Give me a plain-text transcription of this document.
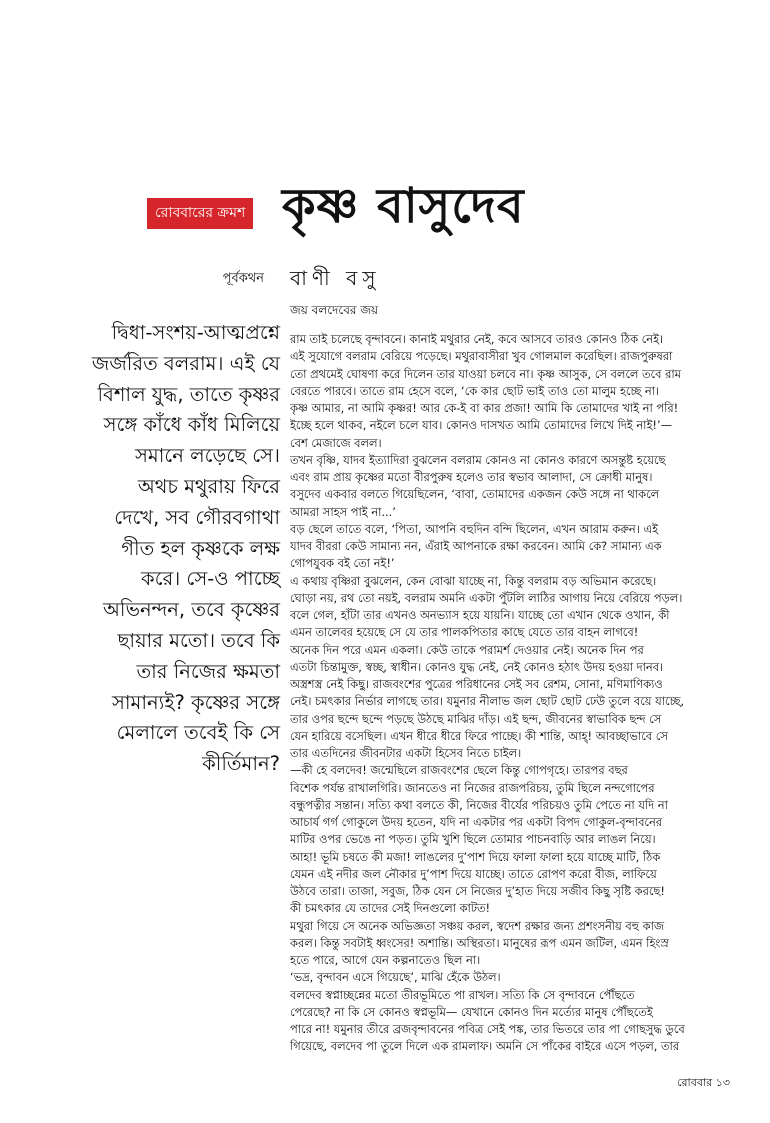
রোববারের ক্রমশ কৃষ্ণ বাসুদেব
পূর্বকথন বাণী বসু
জয় বলদেবের জয়
দ্বিধা-সংশয়-আত্মপ্রশ্নে
জর্জরিত বলরাম। এই যে
বিশাল যুদ্ধ, তাতে কৃষ্ণর
সঙ্গে কাঁধে কাঁধ মিলিয়ে
সমানে লড়েছে সে।
অথচ মথুরায় ফিরে
দেখে, সব গৌরবগাথা
গীত হল কৃষ্ণকে লক্ষ
করে। সে-ও পাচ্ছে
অভিনন্দন, তবে কৃষ্ণের
ছায়ার মতো। তবে কি
তার নিজের ক্ষমতা
সামান্যই? কৃষ্ণের সঙ্গে
মেলালে তবেই কি সে
কীর্তিমান?
রাম তাই চলেছে বৃন্দাবনে। কানাই মথুরার নেই, কবে আসবে তারও কোনও ঠিক নেই।
এই সুযোগে বলরাম বেরিয়ে পড়েছে। মথুরাবাসীরা খুব গোলমাল করেছিল। রাজপুরুষরা
তো প্রথমেই ঘোষণা করে দিলেন তার যাওয়া চলবে না। কৃষ্ণ আসুক, সে বললে তবে রাম
বেরতে পারবে। তাতে রাম হেসে বলে, ‘কে কার ছোট ভাই তাও তো মালুম হচ্ছে না।
কৃষ্ণ আমার, না আমি কৃষ্ণর! আর কে-ই বা কার প্রজা! আমি কি তোমাদের খাই না পরি!
ইচ্ছে হলে থাকব, নইলে চলে যাব। কোনও দাসখত আমি তোমাদের লিখে দিই নাই!’—
বেশ মেজাজে বলল।
তখন বৃষ্ণি, যাদব ইত্যাদিরা বুঝলেন বলরাম কোনও না কোনও কারণে অসন্তুষ্ট হয়েছে
এবং রাম প্রায় কৃষ্ণের মতো বীরপুরুষ হলেও তার স্বভাব আলাদা, সে ক্রোধী মানুষ।
বসুদেব একবার বলতে গিয়েছিলেন, ‘বাবা, তোমাদের একজন কেউ সঙ্গে না থাকলে
আমরা সাহস পাই না...’
বড় ছেলে তাতে বলে, ‘পিতা, আপনি বহুদিন বন্দি ছিলেন, এখন আরাম করুন। এই
যাদব বীররা কেউ সামান্য নন, এঁরাই আপনাকে রক্ষা করবেন। আমি কে? সামান্য এক
গোপযুবক বই তো নই!’
এ কথায় বৃষ্ণিরা বুঝলেন, কেন বোঝা যাচ্ছে না, কিন্তু বলরাম বড় অভিমান করেছে।
ঘোড়া নয়, রথ তো নয়ই, বলরাম অমনি একটা পুঁটলি লাঠির আগায় নিয়ে বেরিয়ে পড়ল।
বলে গেল, হাঁটা তার এখনও অনভ্যাস হয়ে যায়নি। যাচ্ছে তো এখান থেকে ওখান, কী
এমন তালেবর হয়েছে সে যে তার পালকপিতার কাছে যেতে তার বাহন লাগবে!
অনেক দিন পরে এমন একলা। কেউ তাকে পরামর্শ দেওয়ার নেই। অনেক দিন পর
এতটা চিন্তামুক্ত, স্বচ্ছ, স্বাধীন। কোনও যুদ্ধ নেই, নেই কোনও হঠাৎ উদয় হওয়া দানব।
অস্ত্রশস্ত্র নেই কিছু। রাজবংশের পুত্রের পরিধানের সেই সব রেশম, সোনা, মণিমাণিক্যও
নেই। চমৎকার নির্ভার লাগছে তার। যমুনার নীলাভ জল ছোট ছোট ঢেউ তুলে বয়ে যাচ্ছে,
তার ওপর ছন্দে ছন্দে পড়ছে উঠছে মাঝির দাঁড়। এই ছন্দ, জীবনের স্বাভাবিক ছন্দ সে
যেন হারিয়ে বসেছিল। এখন ধীরে ধীরে ফিরে পাচ্ছে। কী শান্তি, আহ্! আবচ্ছাভাবে সে
তার এতদিনের জীবনটার একটা হিসেব নিতে চাইল।
—কী হে বলদেব! জন্মেছিলে রাজবংশের ছেলে কিন্তু গোপগৃহে। তারপর বছর
বিশেক পর্যন্ত রাখালগিরি। জানতেও না নিজের রাজপরিচয়, তুমি ছিলে নন্দগোপের
বন্ধুপত্নীর সন্তান। সত্যি কথা বলতে কী, নিজের বীর্যের পরিচয়ও তুমি পেতে না যদি না
আচার্য গর্গ গোকুলে উদয় হতেন, যদি না একটার পর একটা বিপদ গোকুল-বৃন্দাবনের
মাটির ওপর ভেঙে না পড়ত। তুমি খুশি ছিলে তোমার পাচনবাড়ি আর লাঙল নিয়ে।
আহা! ভূমি চষতে কী মজা! লাঙলের দু’পাশ দিয়ে ফালা ফালা হয়ে যাচ্ছে মাটি, ঠিক
যেমন এই নদীর জল নৌকার দু’পাশ দিয়ে যাচ্ছে। তাতে রোপণ করো বীজ, লাফিয়ে
উঠবে তারা। তাজা, সবুজ, ঠিক যেন সে নিজের দু’হাত দিয়ে সজীব কিছু সৃষ্টি করছে!
কী চমৎকার যে তাদের সেই দিনগুলো কাটত!
মথুরা গিয়ে সে অনেক অভিজ্ঞতা সঞ্চয় করল, স্বদেশ রক্ষার জন্য প্রশংসনীয় বহু কাজ
করল। কিন্তু সবটাই ধ্বংসের! অশান্তি। অস্থিরতা। মানুষের রূপ এমন জটিল, এমন হিংস্র
হতে পারে, আগে যেন কল্পনাতেও ছিল না।
‘ভদ্র, বৃন্দাবন এসে গিয়েছে’, মাঝি হেঁকে উঠল।
বলদেব স্বপ্নাচ্ছন্নের মতো তীরভূমিতে পা রাখল। সত্যি কি সে বৃন্দাবনে পৌঁছতে
পেরেছে? না কি সে কোনও স্বপ্নভূমি— যেখানে কোনও দিন মর্ত্যের মানুষ পৌঁছতেই
পারে না! যমুনার তীরে ব্রজবৃন্দাবনের পবিত্র সেই পঙ্ক, তার ভিতরে তার পা গোছসুদ্ধ ডুবে
গিয়েছে, বলদেব পা তুলে দিলে এক রামলাফ। অমনি সে পাঁকের বাইরে এসে পড়ল, তার
রোববার ১৩
